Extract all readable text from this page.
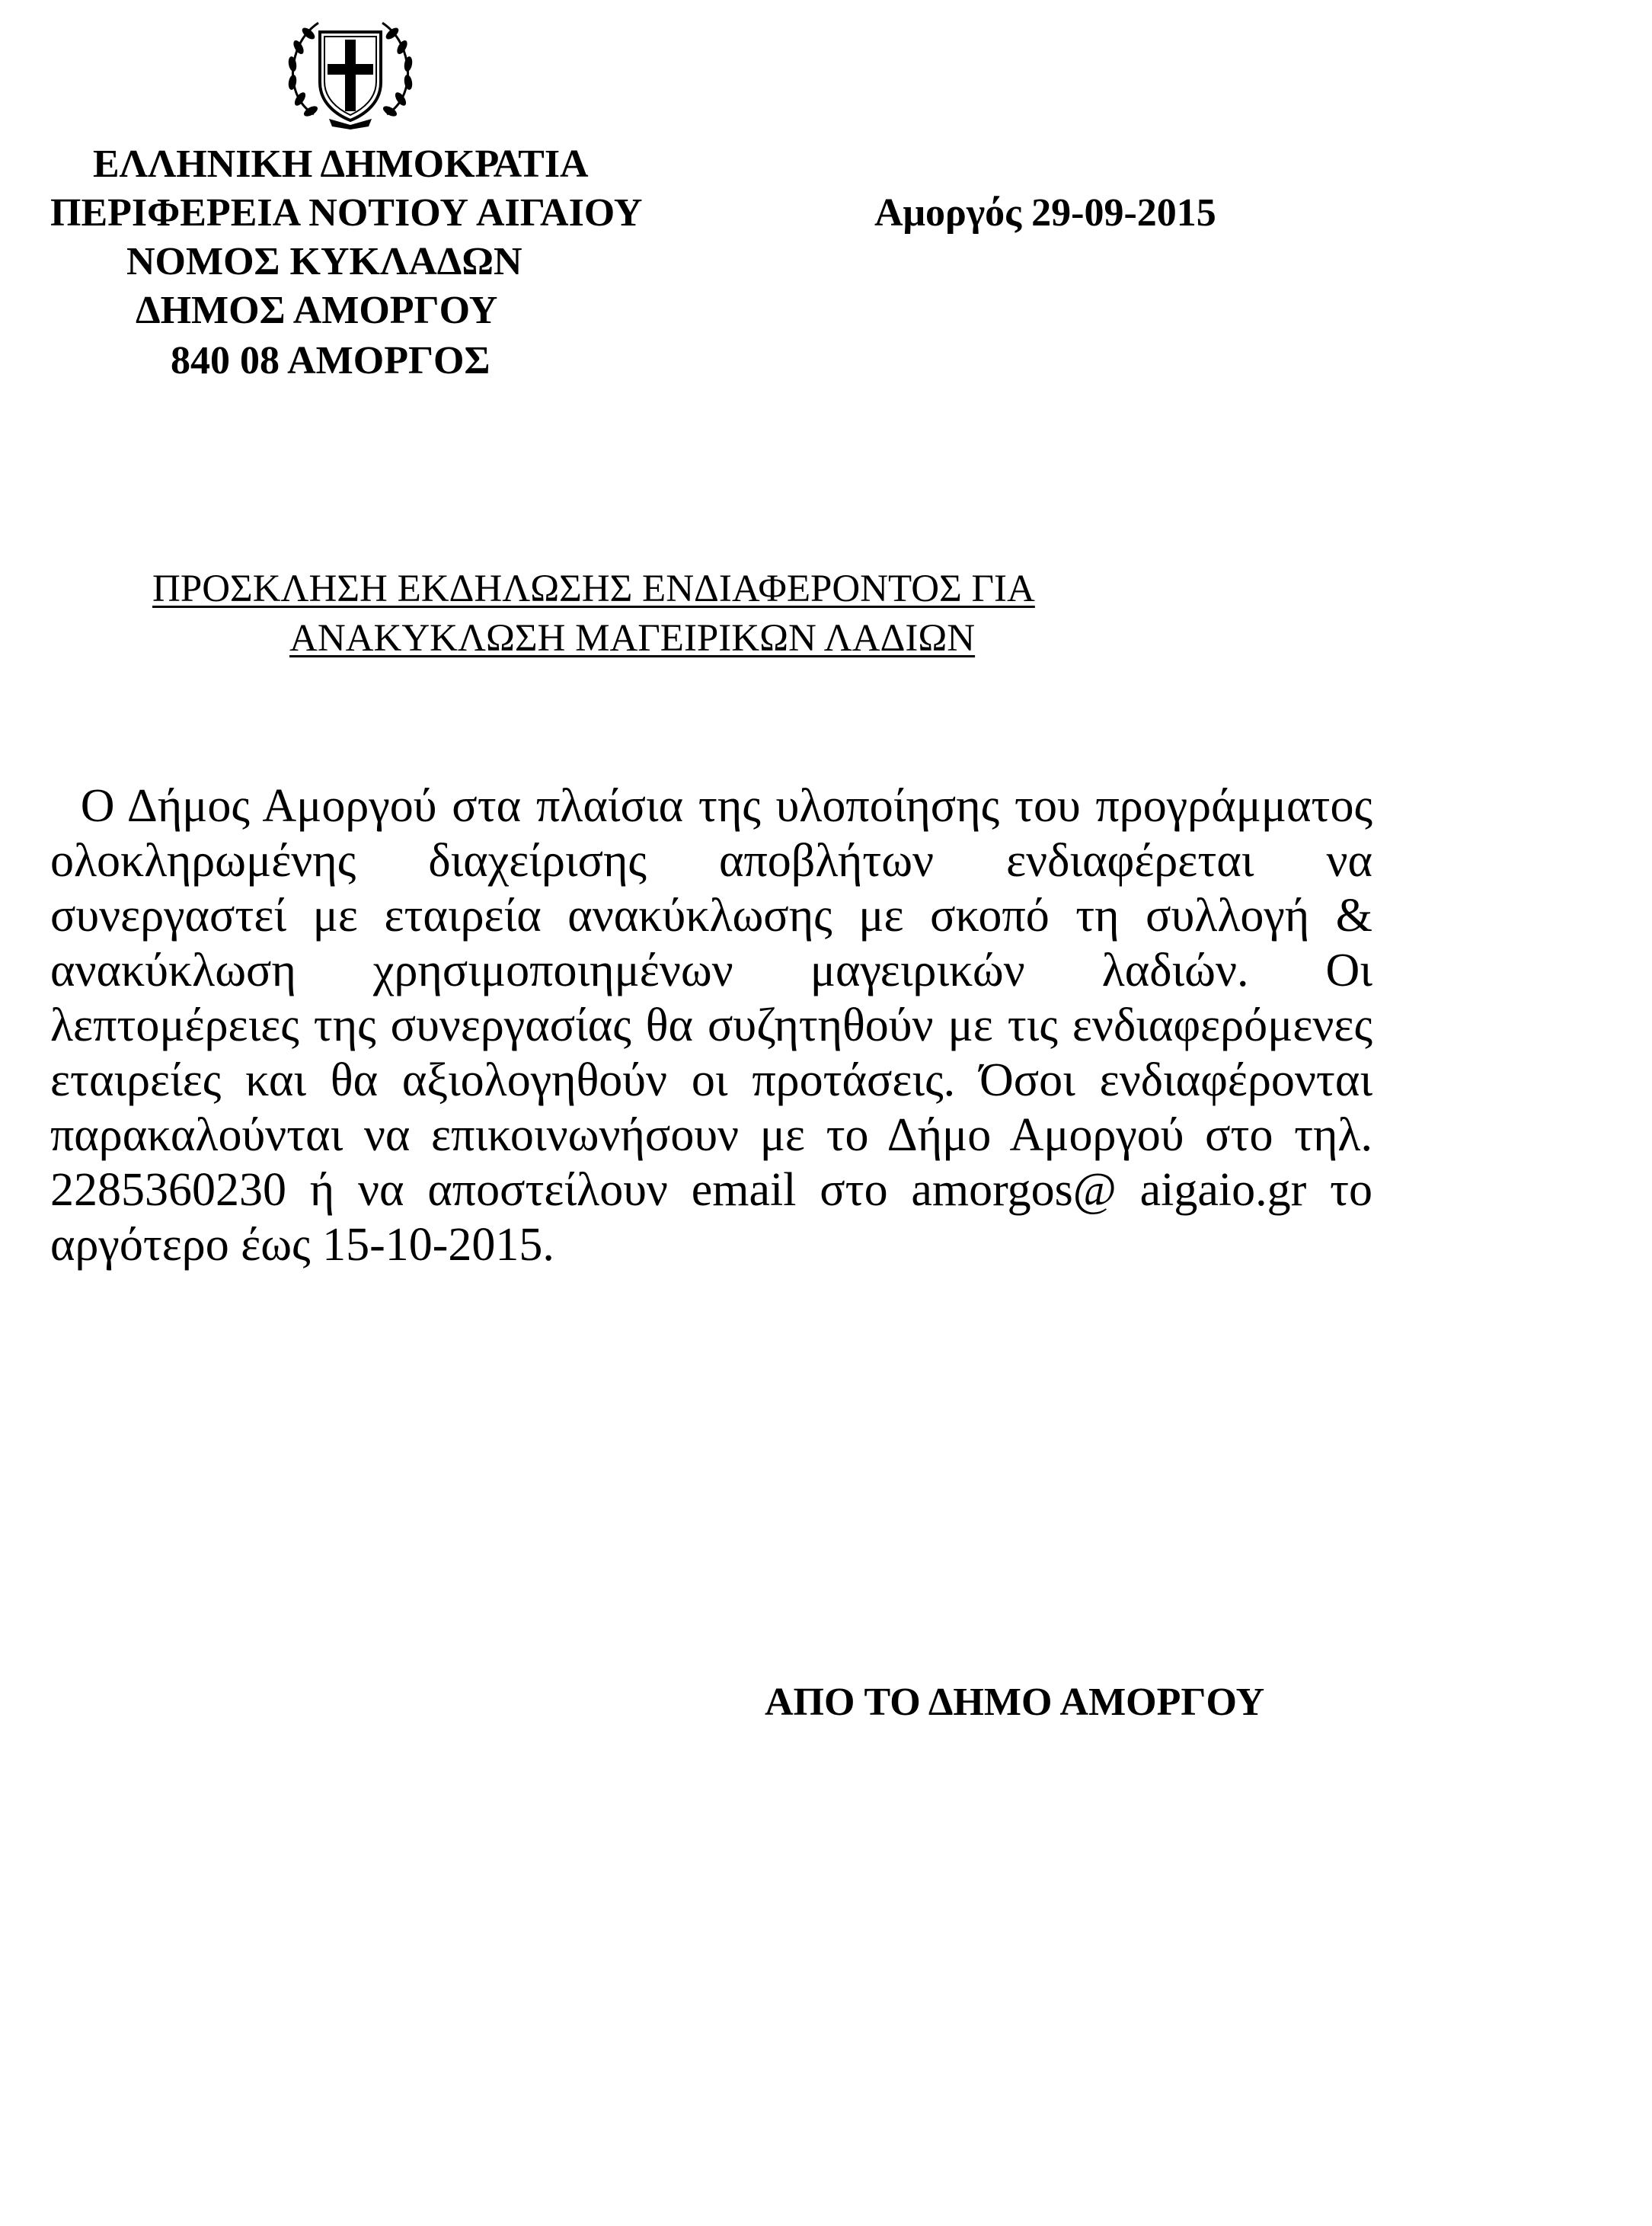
ΕΛΛΗΝΙΚΗ ΔΗΜΟΚΡΑΤΙΑ
ΠΕΡΙΦΕΡΕΙΑ ΝΟΤΙΟΥ ΑΙΓΑΙΟΥ
ΝΟΜΟΣ ΚΥΚΛΑΔΩΝ
ΔΗΜΟΣ ΑΜΟΡΓΟΥ
840 08 ΑΜΟΡΓΟΣ
Αμοργός 29-09-2015
ΠΡΟΣΚΛΗΣΗ ΕΚΔΗΛΩΣΗΣ ΕΝΔΙΑΦΕΡΟΝΤΟΣ ΓΙΑ
ΑΝΑΚΥΚΛΩΣΗ ΜΑΓΕΙΡΙΚΩΝ ΛΑΔΙΩΝ

Ο Δήμος Αμοργού στα πλαίσια της υλοποίησης του προγράμματος ολοκληρωμένης διαχείρισης αποβλήτων ενδιαφέρεται να συνεργαστεί με εταιρεία ανακύκλωσης με σκοπό τη συλλογή & ανακύκλωση χρησιμοποιημένων μαγειρικών λαδιών. Οι λεπτομέρειες της συνεργασίας θα συζητηθούν με τις ενδιαφερόμενες εταιρείες και θα αξιολογηθούν οι προτάσεις. Όσοι ενδιαφέρονται παρακαλούνται να επικοινωνήσουν με το Δήμο Αμοργού στο τηλ. 2285360230 ή να αποστείλουν email στο amorgos@ aigaio.gr το αργότερο έως 15-10-2015.

ΑΠΟ ΤΟ ΔΗΜΟ ΑΜΟΡΓΟΥ
